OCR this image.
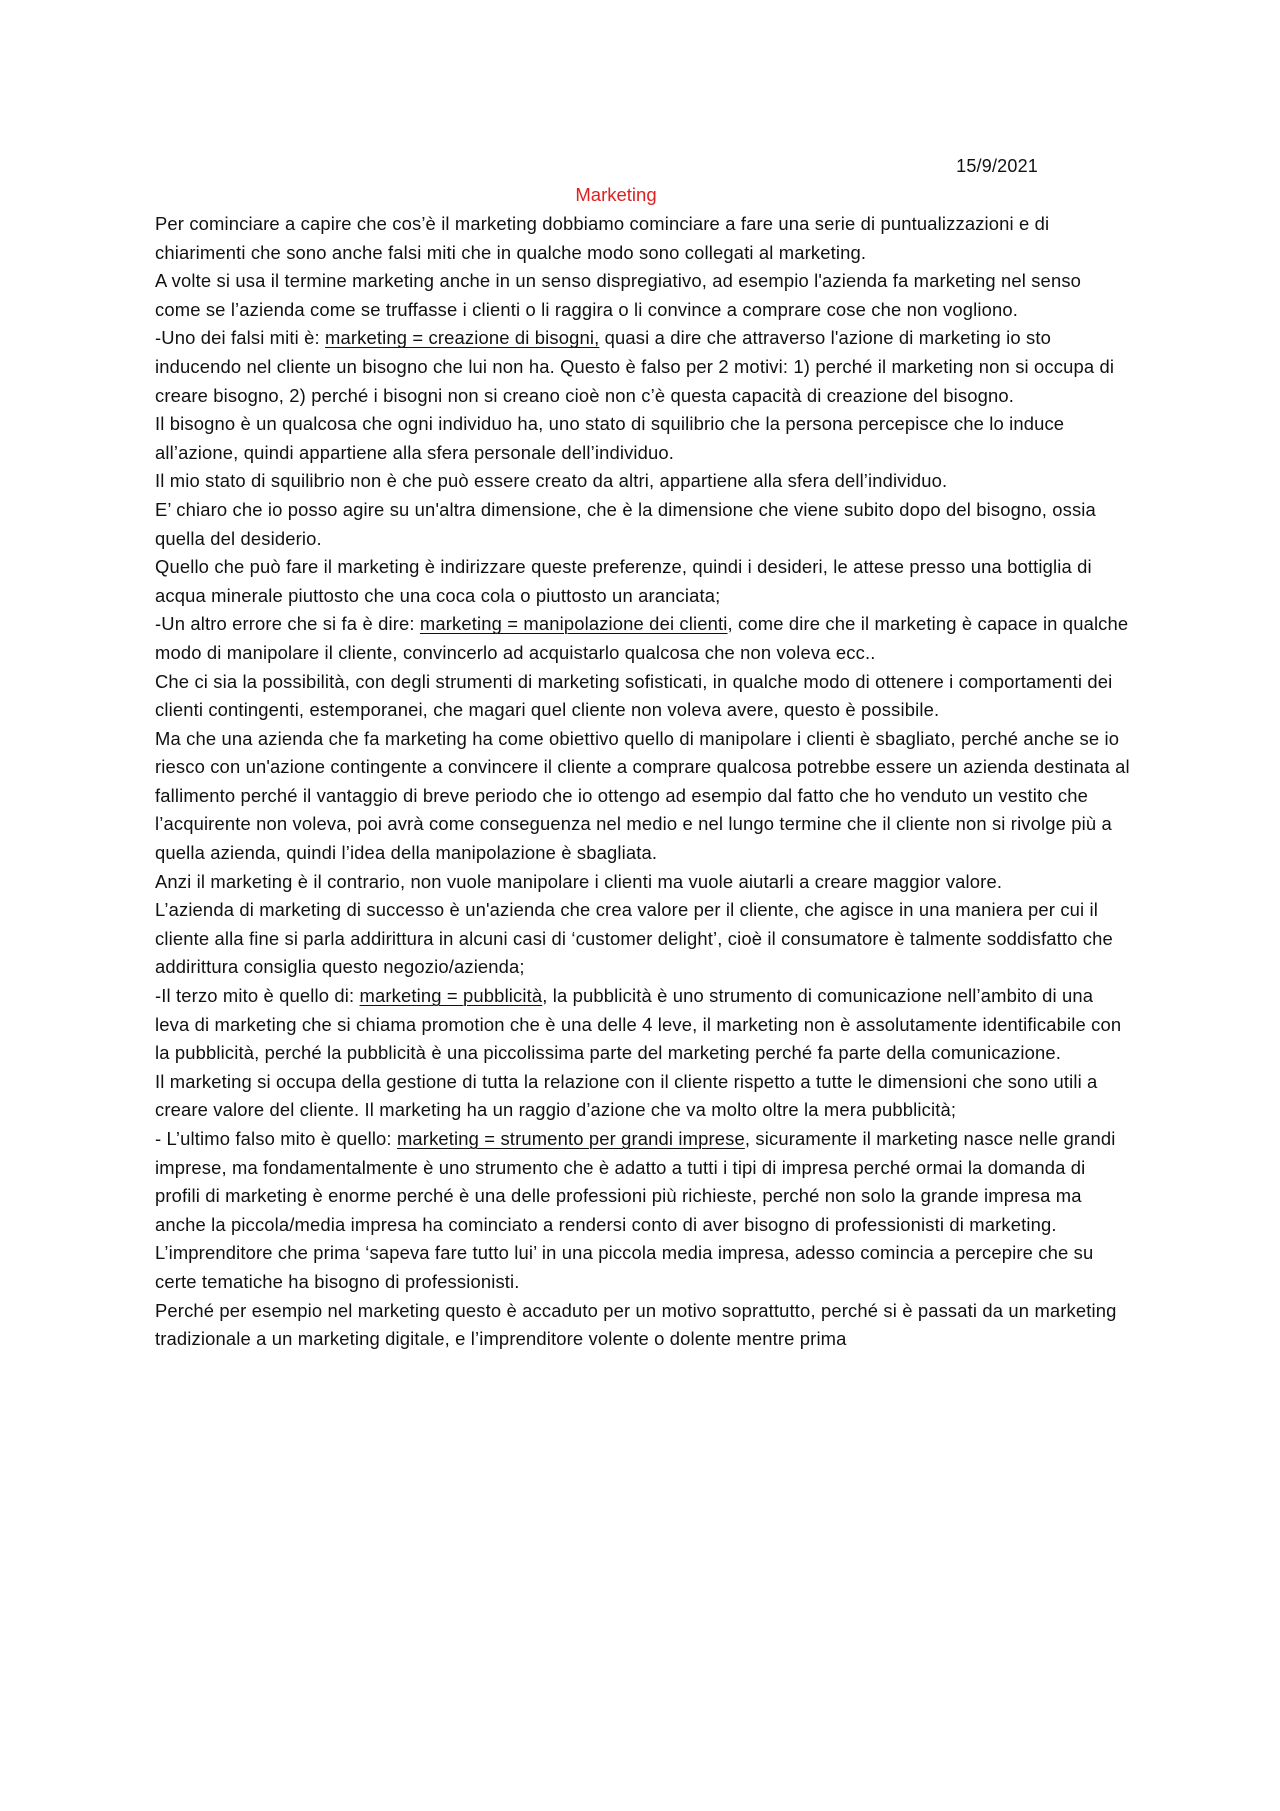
15/9/2021
Marketing

Per cominciare a capire che cos’è il marketing dobbiamo cominciare a fare una serie di puntualizzazioni e di chiarimenti che sono anche falsi miti che in qualche modo sono collegati al marketing.

A volte si usa il termine marketing anche in un senso dispregiativo, ad esempio l'azienda fa marketing nel senso come se l’azienda come se truffasse i clienti o li raggira o li convince a comprare cose che non vogliono.

-Uno dei falsi miti è: marketing = creazione di bisogni, quasi a dire che attraverso l'azione di marketing io sto inducendo nel cliente un bisogno che lui non ha. Questo è falso per 2 motivi: 1) perché il marketing non si occupa di creare bisogno, 2) perché i bisogni non si creano cioè non c’è questa capacità di creazione del bisogno.

Il bisogno è un qualcosa che ogni individuo ha, uno stato di squilibrio che la persona percepisce che lo induce all’azione, quindi appartiene alla sfera personale dell’individuo.

Il mio stato di squilibrio non è che può essere creato da altri, appartiene alla sfera dell’individuo.

E’ chiaro che io posso agire su un'altra dimensione, che è la dimensione che viene subito dopo del bisogno, ossia quella del desiderio.

Quello che può fare il marketing è indirizzare queste preferenze, quindi i desideri, le attese presso una bottiglia di acqua minerale piuttosto che una coca cola o piuttosto un aranciata;

-Un altro errore che si fa è dire: marketing = manipolazione dei clienti, come dire che il marketing è capace in qualche modo di manipolare il cliente, convincerlo ad acquistarlo qualcosa che non voleva ecc..

Che ci sia la possibilità, con degli strumenti di marketing sofisticati, in qualche modo di ottenere i comportamenti dei clienti contingenti, estemporanei, che magari quel cliente non voleva avere, questo è possibile.

Ma che una azienda che fa marketing ha come obiettivo quello di manipolare i clienti è sbagliato, perché anche se io riesco con un'azione contingente a convincere il cliente a comprare qualcosa potrebbe essere un azienda destinata al fallimento perché il vantaggio di breve periodo che io ottengo ad esempio dal fatto che ho venduto un vestito che l’acquirente non voleva, poi avrà come conseguenza nel medio e nel lungo termine che il cliente non si rivolge più a quella azienda, quindi l’idea della manipolazione è sbagliata.

Anzi il marketing è il contrario, non vuole manipolare i clienti ma vuole aiutarli a creare maggior valore.

L’azienda di marketing di successo è un'azienda che crea valore per il cliente, che agisce in una maniera per cui il cliente alla fine si parla addirittura in alcuni casi di ‘customer delight’, cioè il consumatore è talmente soddisfatto che addirittura consiglia questo negozio/azienda;

-Il terzo mito è quello di: marketing = pubblicità, la pubblicità è uno strumento di comunicazione nell’ambito di una leva di marketing che si chiama promotion che è una delle 4 leve, il marketing non è assolutamente identificabile con la pubblicità, perché la pubblicità è una piccolissima parte del marketing perché fa parte della comunicazione.

Il marketing si occupa della gestione di tutta la relazione con il cliente rispetto a tutte le dimensioni che sono utili a creare valore del cliente. Il marketing ha un raggio d’azione che va molto oltre la mera pubblicità;

- L’ultimo falso mito è quello: marketing = strumento per grandi imprese, sicuramente il marketing nasce nelle grandi imprese, ma fondamentalmente è uno strumento che è adatto a tutti i tipi di impresa perché ormai la domanda di profili di marketing è enorme perché è una delle professioni più richieste, perché non solo la grande impresa ma anche la piccola/media impresa ha cominciato a rendersi conto di aver bisogno di professionisti di marketing.

L’imprenditore che prima ‘sapeva fare tutto lui’ in una piccola media impresa, adesso comincia a percepire che su certe tematiche ha bisogno di professionisti.

Perché per esempio nel marketing questo è accaduto per un motivo soprattutto, perché si è passati da un marketing tradizionale a un marketing digitale, e l’imprenditore volente o dolente mentre prima
